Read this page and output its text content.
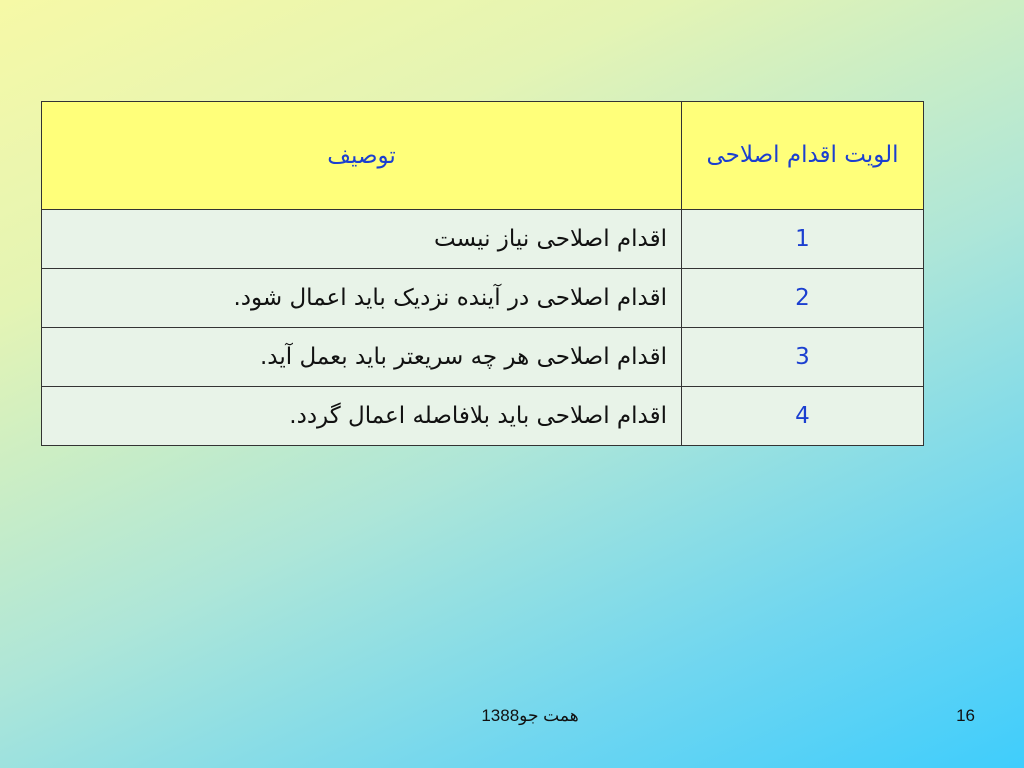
الویت اقدام اصلاحی	توصیف
1	اقدام اصلاحی نیاز نیست
2	اقدام اصلاحی در آینده نزدیک باید اعمال شود.
3	اقدام اصلاحی هر چه سریعتر باید بعمل آید.
4	اقدام اصلاحی باید بلافاصله اعمال گردد.
همت جو1388	16
